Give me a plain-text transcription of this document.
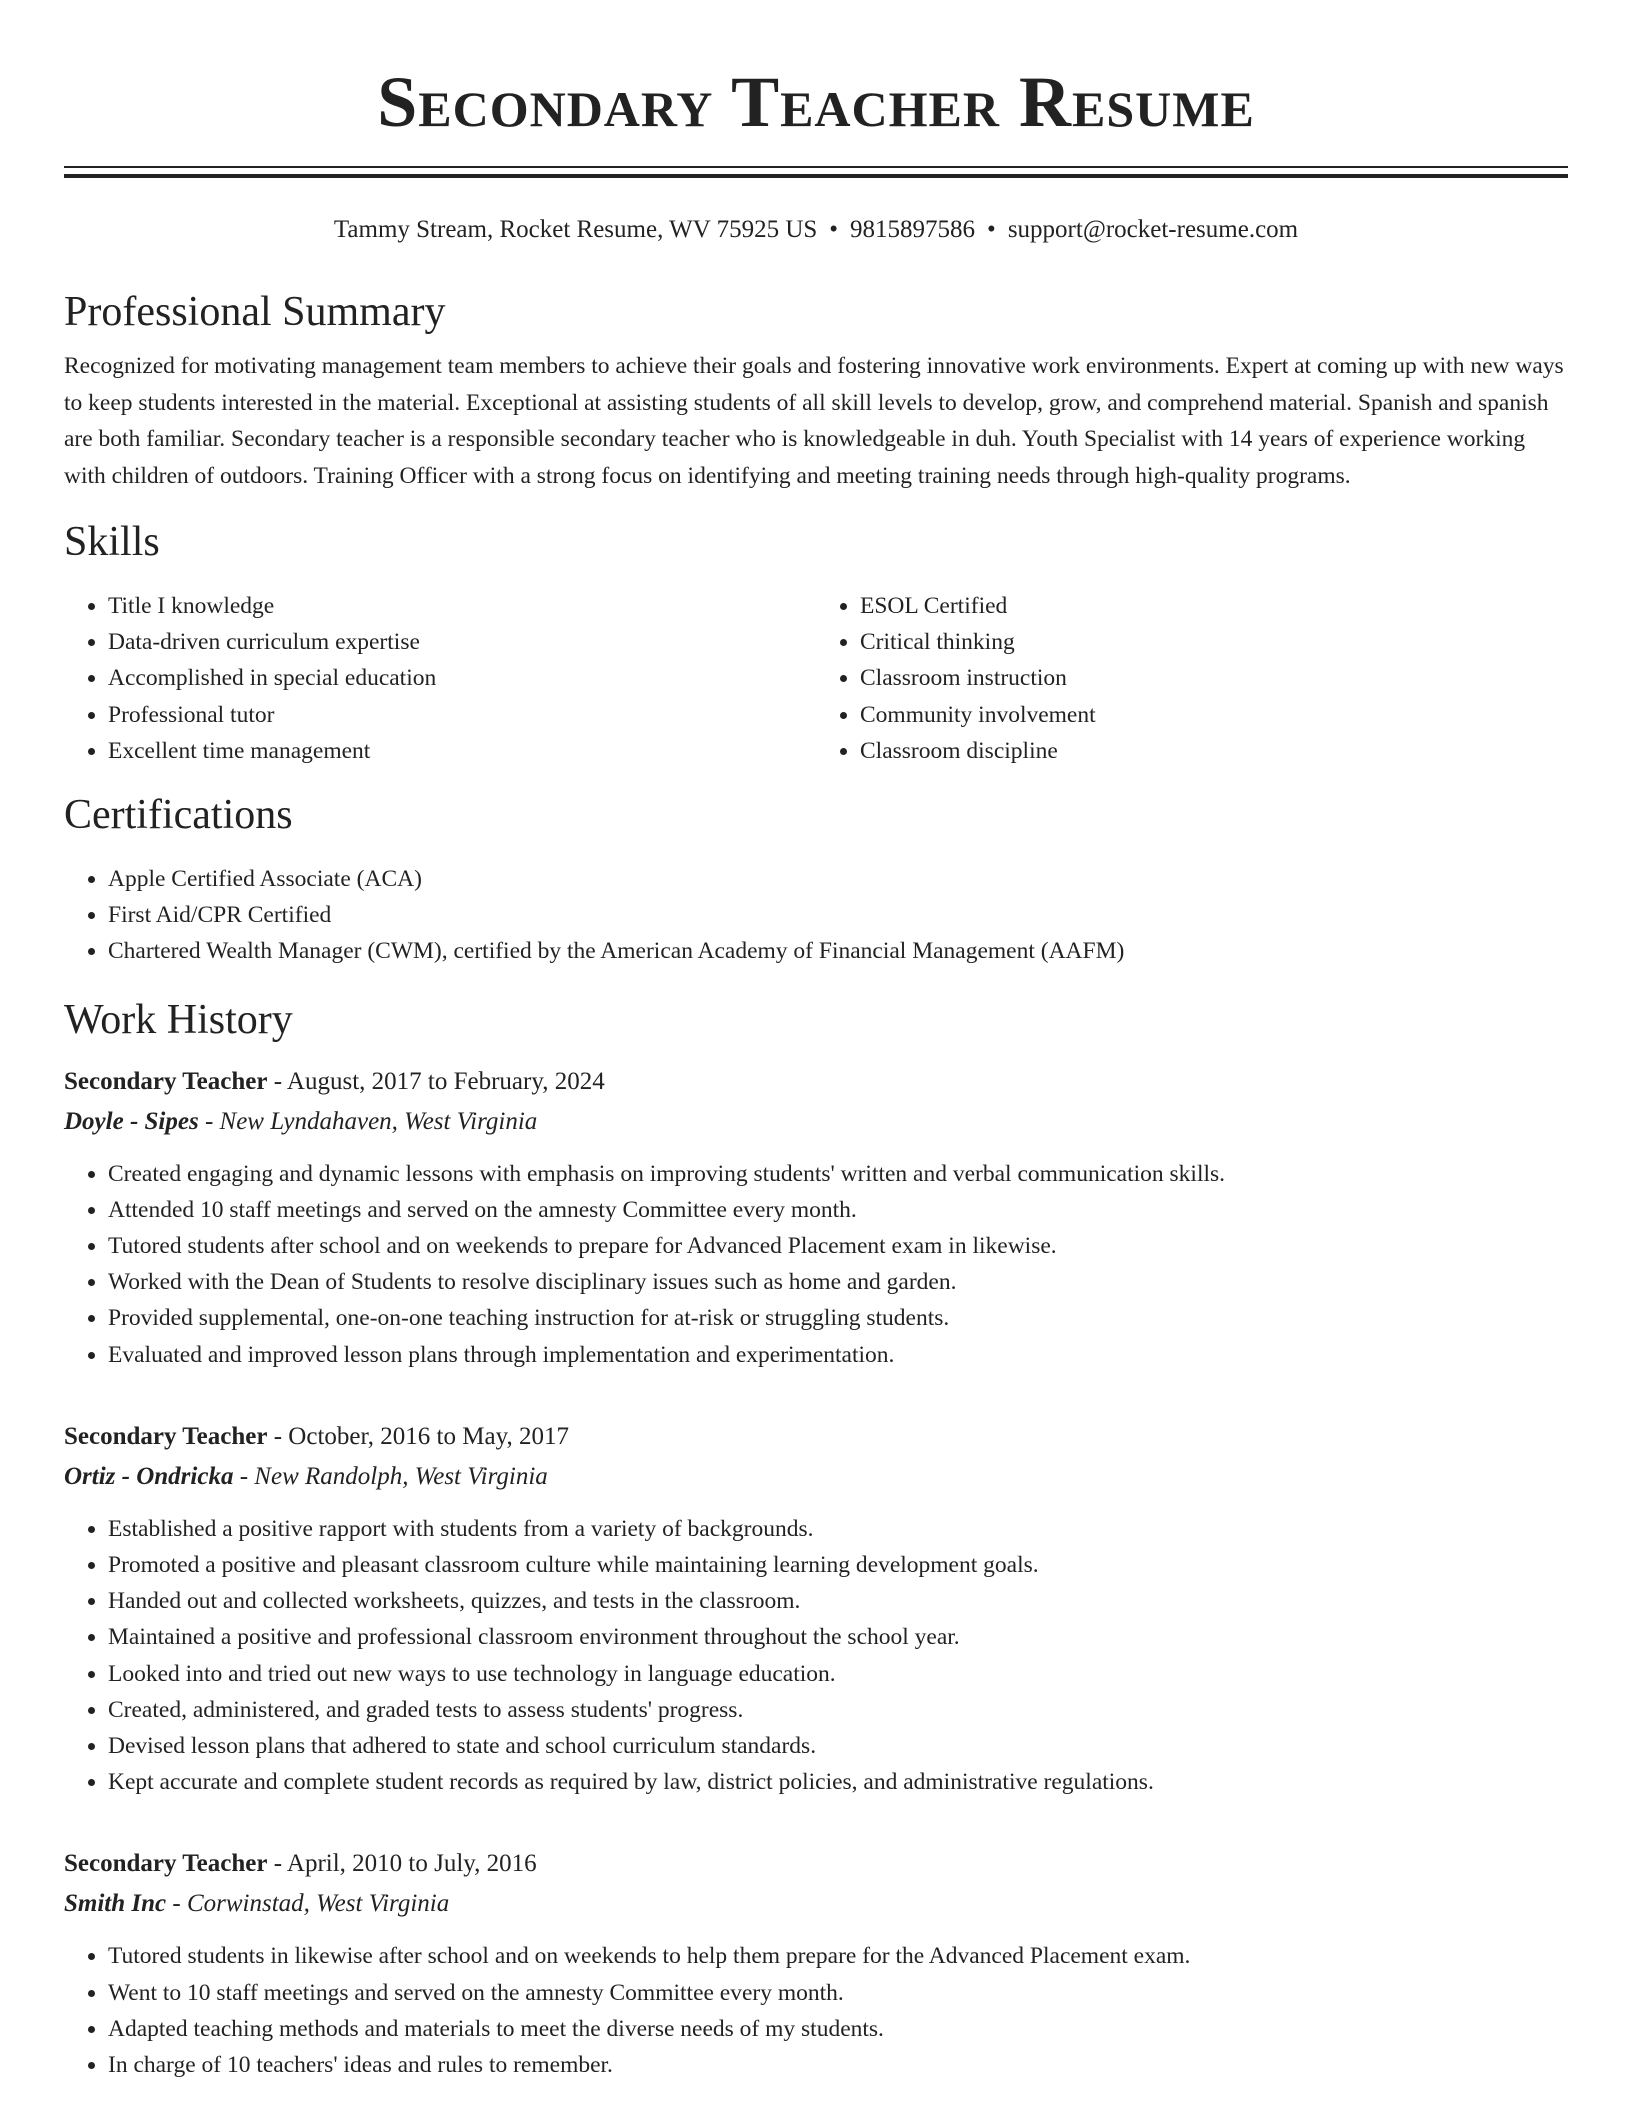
Secondary Teacher Resume
Tammy Stream, Rocket Resume, WV 75925 US • 9815897586 • support@rocket-resume.com
Professional Summary

Recognized for motivating management team members to achieve their goals and fostering innovative work environments. Expert at coming up with new ways to keep students interested in the material. Exceptional at assisting students of all skill levels to develop, grow, and comprehend material. Spanish and spanish are both familiar. Secondary teacher is a responsible secondary teacher who is knowledgeable in duh. Youth Specialist with 14 years of experience working with children of outdoors. Training Officer with a strong focus on identifying and meeting training needs through high-quality programs.

Skills
• Title I knowledge
• Data-driven curriculum expertise
• Accomplished in special education
• Professional tutor
• Excellent time management
• ESOL Certified
• Critical thinking
• Classroom instruction
• Community involvement
• Classroom discipline
Certifications
• Apple Certified Associate (ACA)
• First Aid/CPR Certified
• Chartered Wealth Manager (CWM), certified by the American Academy of Financial Management (AAFM)
Work History
Secondary Teacher - August, 2017 to February, 2024
Doyle - Sipes - New Lyndahaven, West Virginia
• Created engaging and dynamic lessons with emphasis on improving students' written and verbal communication skills.
• Attended 10 staff meetings and served on the amnesty Committee every month.
• Tutored students after school and on weekends to prepare for Advanced Placement exam in likewise.
• Worked with the Dean of Students to resolve disciplinary issues such as home and garden.
• Provided supplemental, one-on-one teaching instruction for at-risk or struggling students.
• Evaluated and improved lesson plans through implementation and experimentation.
Secondary Teacher - October, 2016 to May, 2017
Ortiz - Ondricka - New Randolph, West Virginia
• Established a positive rapport with students from a variety of backgrounds.
• Promoted a positive and pleasant classroom culture while maintaining learning development goals.
• Handed out and collected worksheets, quizzes, and tests in the classroom.
• Maintained a positive and professional classroom environment throughout the school year.
• Looked into and tried out new ways to use technology in language education.
• Created, administered, and graded tests to assess students' progress.
• Devised lesson plans that adhered to state and school curriculum standards.
• Kept accurate and complete student records as required by law, district policies, and administrative regulations.
Secondary Teacher - April, 2010 to July, 2016
Smith Inc - Corwinstad, West Virginia
• Tutored students in likewise after school and on weekends to help them prepare for the Advanced Placement exam.
• Went to 10 staff meetings and served on the amnesty Committee every month.
• Adapted teaching methods and materials to meet the diverse needs of my students.
• In charge of 10 teachers' ideas and rules to remember.
